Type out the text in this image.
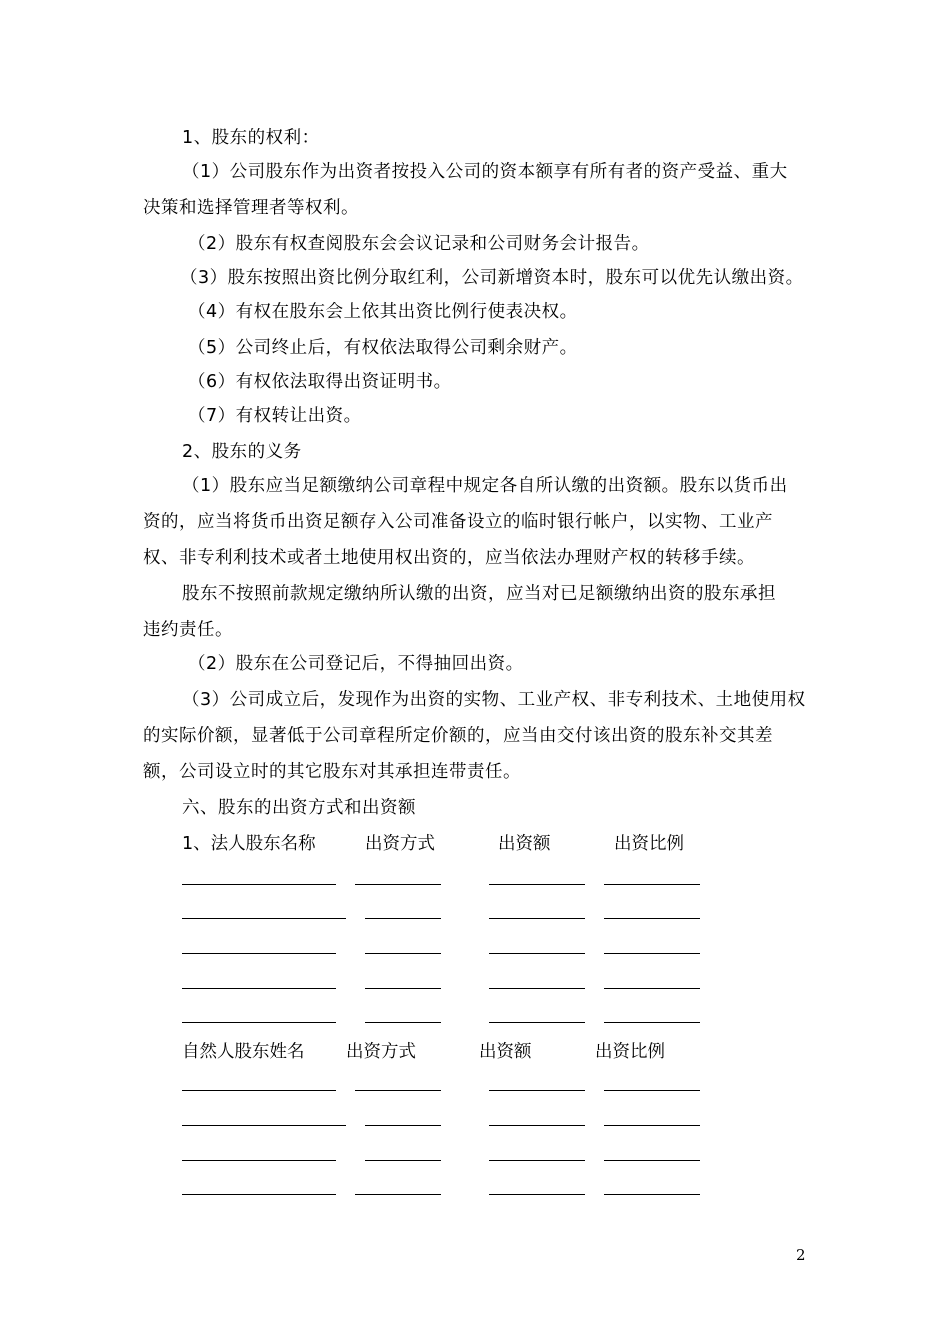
1、股东的权利：
（1）公司股东作为出资者按投入公司的资本额享有所有者的资产受益、重大
决策和选择管理者等权利。
（2）股东有权查阅股东会会议记录和公司财务会计报告。
（3）股东按照出资比例分取红利，公司新增资本时，股东可以优先认缴出资。
（4）有权在股东会上依其出资比例行使表决权。
（5）公司终止后，有权依法取得公司剩余财产。
（6）有权依法取得出资证明书。
（7）有权转让出资。
2、股东的义务
（1）股东应当足额缴纳公司章程中规定各自所认缴的出资额。股东以货币出
资的，应当将货币出资足额存入公司准备设立的临时银行帐户，以实物、工业产
权、非专利利技术或者土地使用权出资的，应当依法办理财产权的转移手续。
股东不按照前款规定缴纳所认缴的出资，应当对已足额缴纳出资的股东承担
违约责任。
（2）股东在公司登记后，不得抽回出资。
（3）公司成立后，发现作为出资的实物、工业产权、非专利技术、土地使用权
的实际价额，显著低于公司章程所定价额的，应当由交付该出资的股东补交其差
额，公司设立时的其它股东对其承担连带责任。
六、股东的出资方式和出资额
1、法人股东名称	出资方式	出资额	出资比例
自然人股东姓名 出资方式	出资额	出资比例
2
